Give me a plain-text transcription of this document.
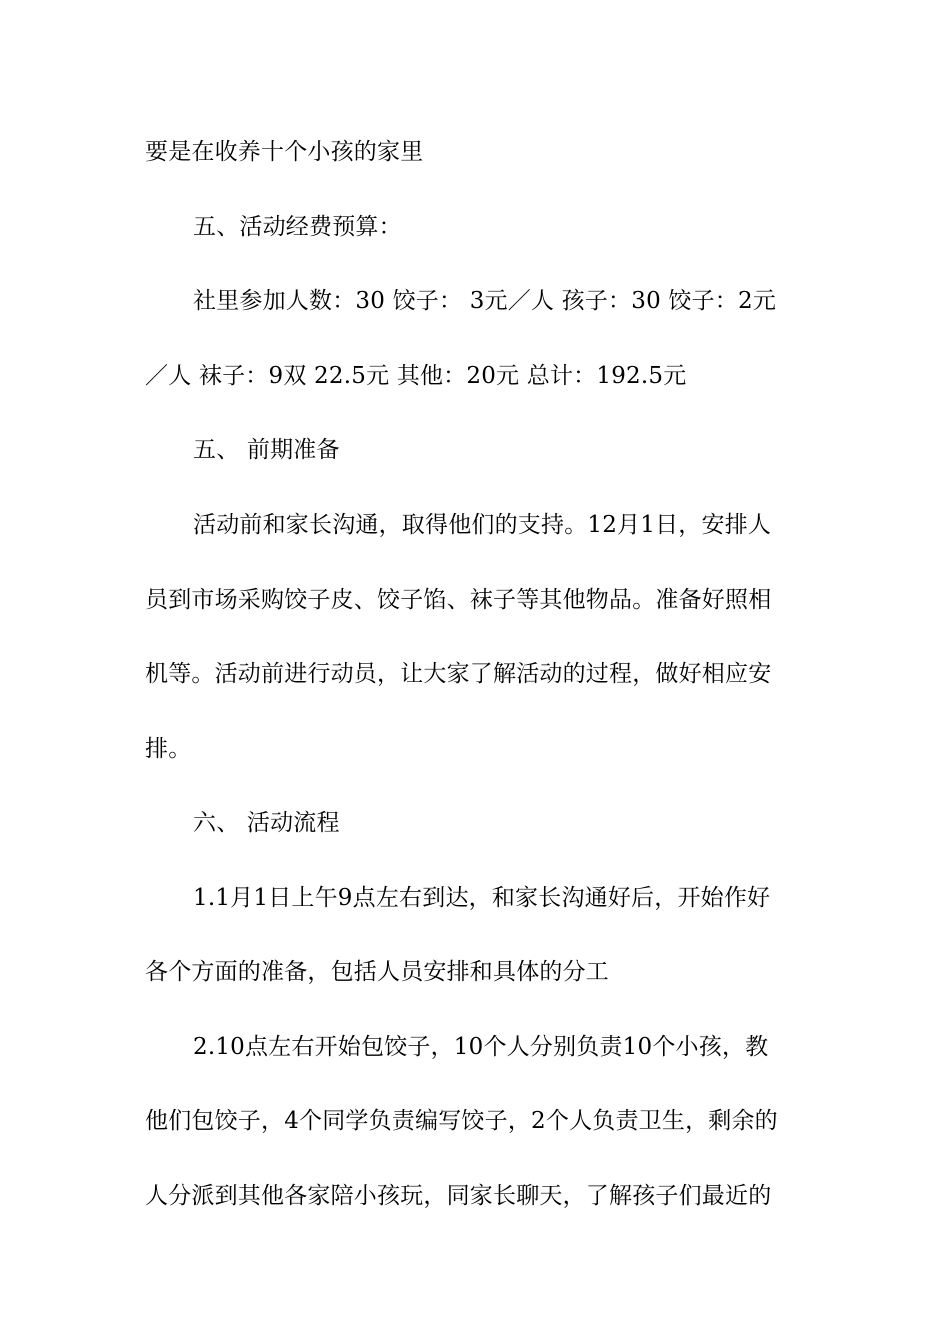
要是在收养十个小孩的家里
五、活动经费预算：
社里参加人数：30 饺子： 3元／人 孩子：30 饺子：2元
／人 袜子：9双 22.5元 其他：20元 总计：192.5元
五、 前期准备
活动前和家长沟通，取得他们的支持。12月1日，安排人
员到市场采购饺子皮、饺子馅、袜子等其他物品。准备好照相
机等。活动前进行动员，让大家了解活动的过程，做好相应安
排。
六、 活动流程
1.1月1日上午9点左右到达，和家长沟通好后，开始作好
各个方面的准备，包括人员安排和具体的分工
2.10点左右开始包饺子，10个人分别负责10个小孩，教
他们包饺子，4个同学负责编写饺子，2个人负责卫生，剩余的
人分派到其他各家陪小孩玩，同家长聊天，了解孩子们最近的
